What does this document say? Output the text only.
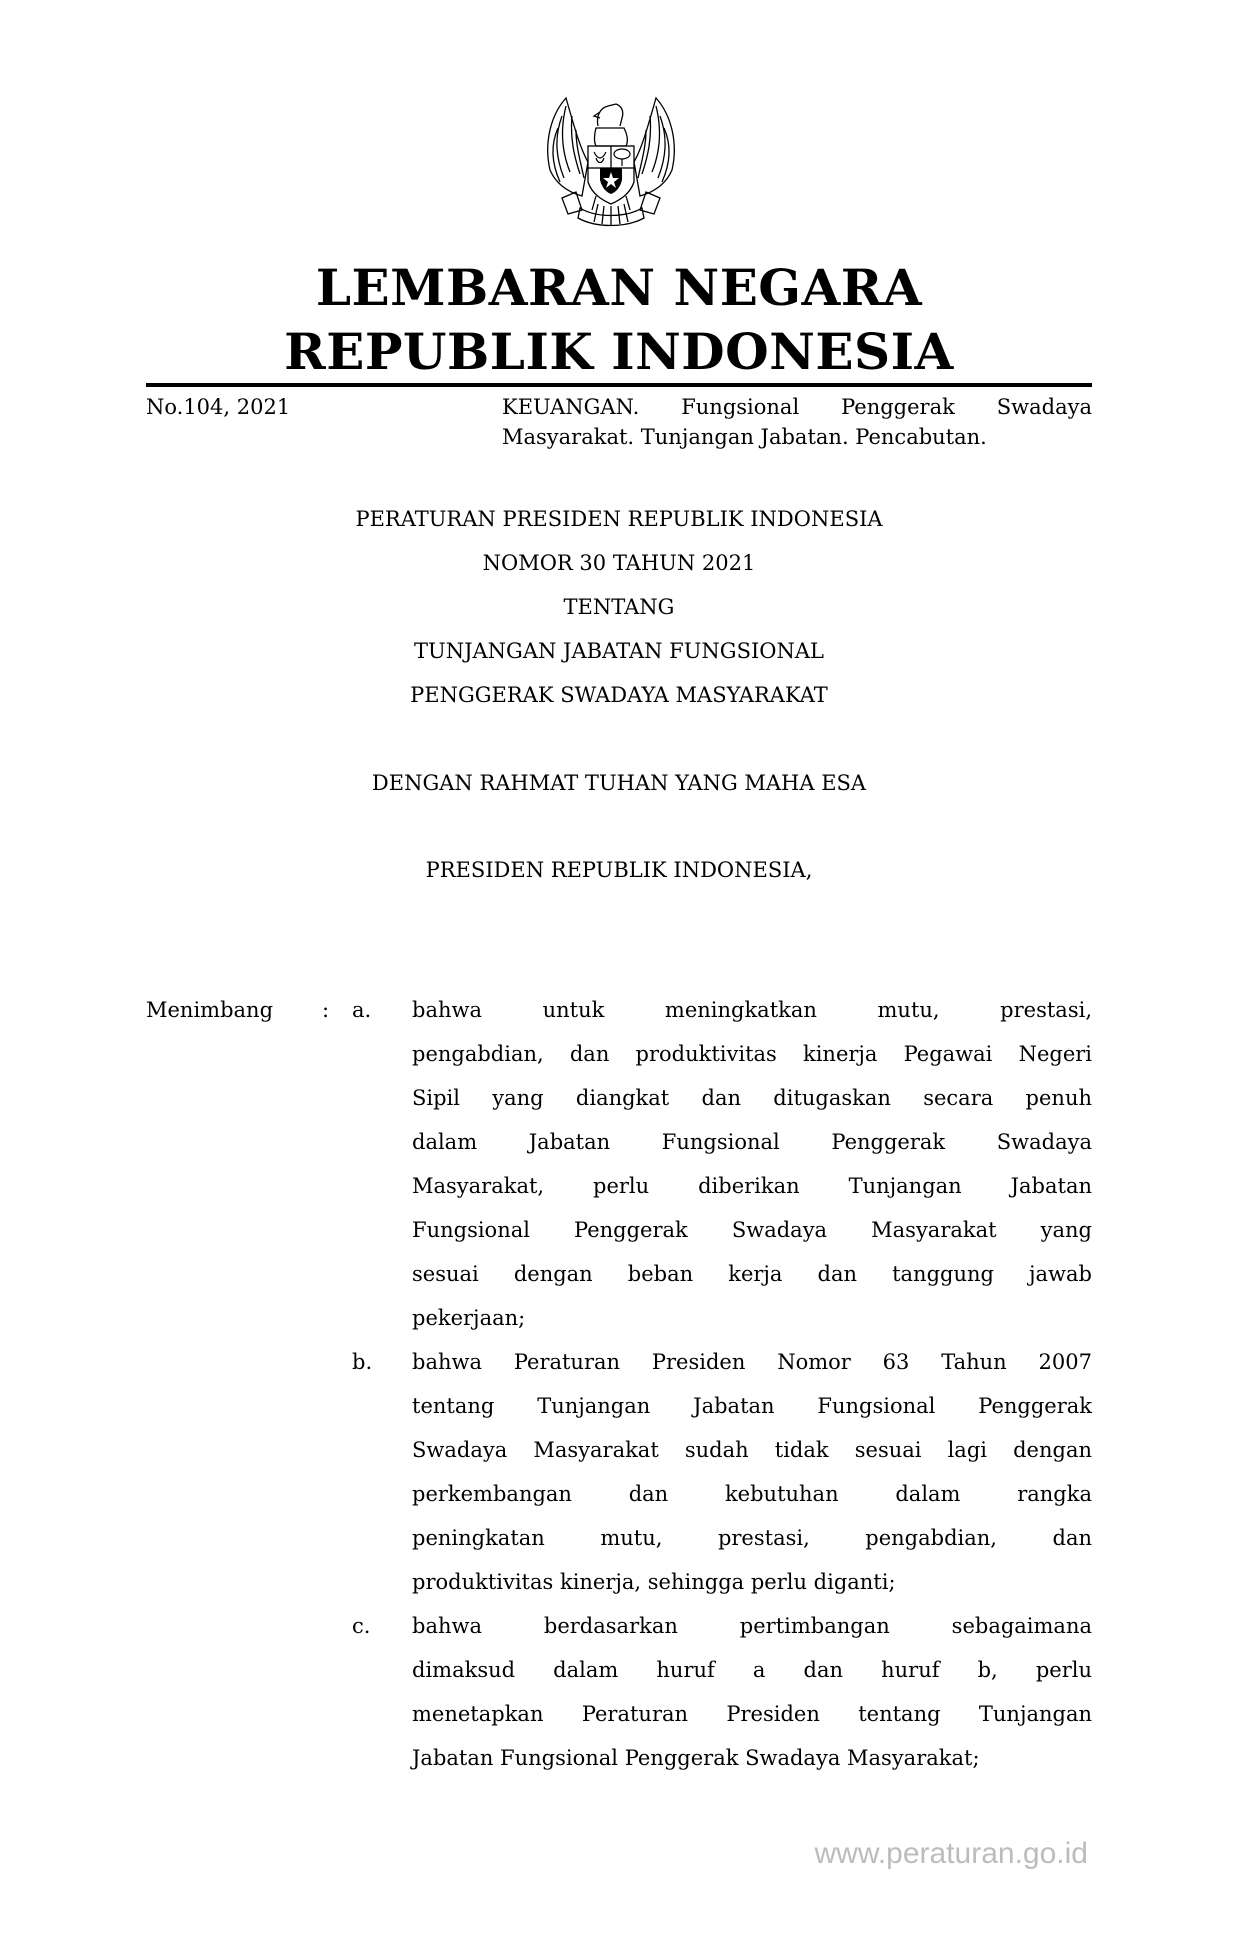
LEMBARAN NEGARA
REPUBLIK INDONESIA
No.104, 2021	KEUANGAN. Fungsional Penggerak Swadaya
Masyarakat. Tunjangan Jabatan. Pencabutan.
PERATURAN PRESIDEN REPUBLIK INDONESIA
NOMOR 30 TAHUN 2021
TENTANG
TUNJANGAN JABATAN FUNGSIONAL
PENGGERAK SWADAYA MASYARAKAT
DENGAN RAHMAT TUHAN YANG MAHA ESA
PRESIDEN REPUBLIK INDONESIA,
Menimbang : a. bahwa untuk meningkatkan mutu, prestasi,
pengabdian, dan produktivitas kinerja Pegawai Negeri
Sipil yang diangkat dan ditugaskan secara penuh
dalam Jabatan Fungsional Penggerak Swadaya
Masyarakat, perlu diberikan Tunjangan Jabatan
Fungsional Penggerak Swadaya Masyarakat yang
sesuai dengan beban kerja dan tanggung jawab
pekerjaan;
b. bahwa Peraturan Presiden Nomor 63 Tahun 2007
tentang Tunjangan Jabatan Fungsional Penggerak
Swadaya Masyarakat sudah tidak sesuai lagi dengan
perkembangan dan kebutuhan dalam rangka
peningkatan mutu, prestasi, pengabdian, dan
produktivitas kinerja, sehingga perlu diganti;
c. bahwa berdasarkan pertimbangan sebagaimana
dimaksud dalam huruf a dan huruf b, perlu
menetapkan Peraturan Presiden tentang Tunjangan
Jabatan Fungsional Penggerak Swadaya Masyarakat;
www.peraturan.go.id
